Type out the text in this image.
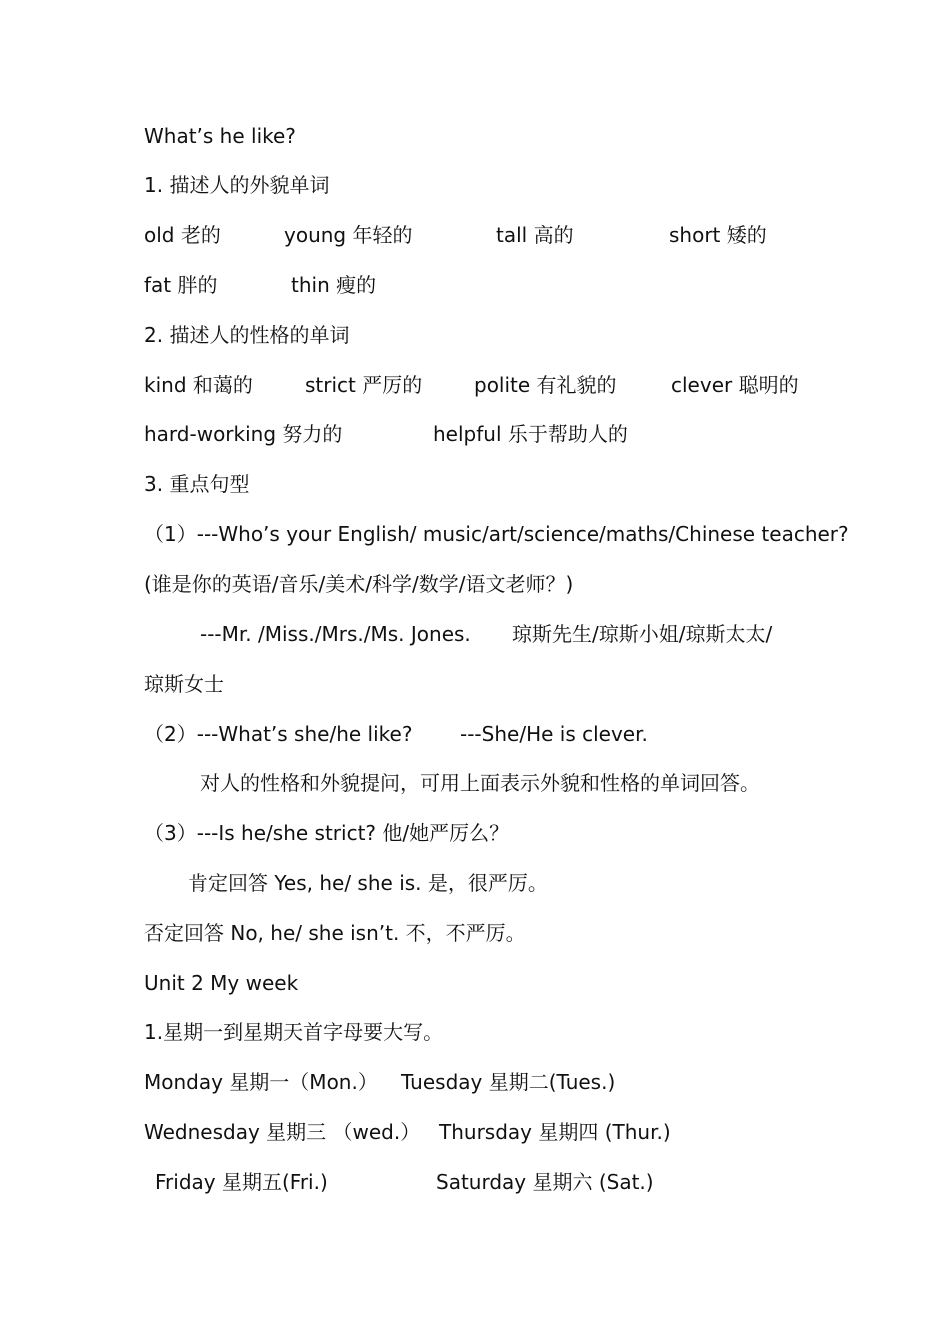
What’s he like?
1. 描述人的外貌单词
old 老的	young 年轻的	tall 高的	short 矮的
fat 胖的	thin 瘦的
2. 描述人的性格的单词
kind 和蔼的	strict 严厉的	polite 有礼貌的	clever 聪明的
hard-working 努力的	helpful 乐于帮助人的
3. 重点句型
（1）---Who’s your English/ music/art/science/maths/Chinese teacher?
(谁是你的英语/音乐/美术/科学/数学/语文老师？)
---Mr. /Miss./Mrs./Ms. Jones. 琼斯先生/琼斯小姐/琼斯太太/
琼斯女士
（2）---What’s she/he like? ---She/He is clever.
对人的性格和外貌提问，可用上面表示外貌和性格的单词回答。
（3）---Is he/she strict? 他/她严厉么？
肯定回答 Yes, he/ she is. 是，很严厉。
否定回答 No, he/ she isn’t. 不，不严厉。
Unit 2 My week
1.星期一到星期天首字母要大写。
Monday 星期一（Mon.） Tuesday 星期二(Tues.)
Wednesday 星期三 （wed.） Thursday 星期四 (Thur.)
Friday 星期五(Fri.)	Saturday 星期六 (Sat.)
